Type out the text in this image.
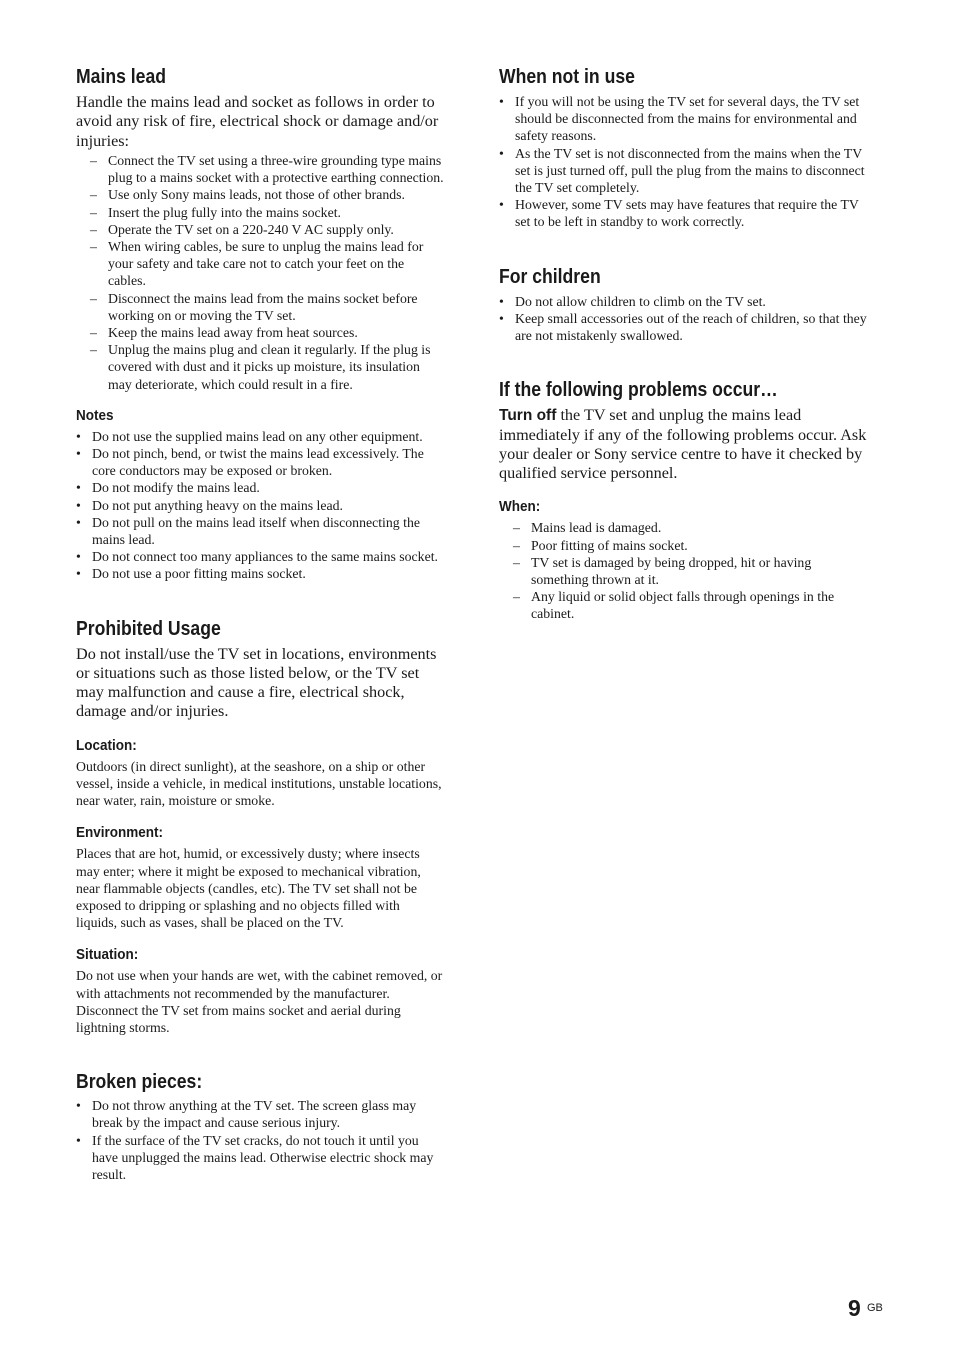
Mains lead

Handle the mains lead and socket as follows in order to avoid any risk of fire, electrical shock or damage and/or injuries:

– Connect the TV set using a three-wire grounding type mains plug to a mains socket with a protective earthing connection.
– Use only Sony mains leads, not those of other brands.
– Insert the plug fully into the mains socket.
– Operate the TV set on a 220-240 V AC supply only.
– When wiring cables, be sure to unplug the mains lead for your safety and take care not to catch your feet on the cables.
– Disconnect the mains lead from the mains socket before working on or moving the TV set.
– Keep the mains lead away from heat sources.
– Unplug the mains plug and clean it regularly. If the plug is covered with dust and it picks up moisture, its insulation may deteriorate, which could result in a fire.
Notes
• Do not use the supplied mains lead on any other equipment.
• Do not pinch, bend, or twist the mains lead excessively. The core conductors may be exposed or broken.
• Do not modify the mains lead.
• Do not put anything heavy on the mains lead.
• Do not pull on the mains lead itself when disconnecting the mains lead.
• Do not connect too many appliances to the same mains socket.
• Do not use a poor fitting mains socket.
Prohibited Usage

Do not install/use the TV set in locations, environments or situations such as those listed below, or the TV set may malfunction and cause a fire, electrical shock, damage and/or injuries.

Location:

Outdoors (in direct sunlight), at the seashore, on a ship or other vessel, inside a vehicle, in medical institutions, unstable locations, near water, rain, moisture or smoke.

Environment:

Places that are hot, humid, or excessively dusty; where insects may enter; where it might be exposed to mechanical vibration, near flammable objects (candles, etc). The TV set shall not be exposed to dripping or splashing and no objects filled with liquids, such as vases, shall be placed on the TV.

Situation:

Do not use when your hands are wet, with the cabinet removed, or with attachments not recommended by the manufacturer. Disconnect the TV set from mains socket and aerial during lightning storms.

Broken pieces:
• Do not throw anything at the TV set. The screen glass may break by the impact and cause serious injury.
• If the surface of the TV set cracks, do not touch it until you have unplugged the mains lead. Otherwise electric shock may result.
When not in use
• If you will not be using the TV set for several days, the TV set should be disconnected from the mains for environmental and safety reasons.
• As the TV set is not disconnected from the mains when the TV set is just turned off, pull the plug from the mains to disconnect the TV set completely.
• However, some TV sets may have features that require the TV set to be left in standby to work correctly.
For children
• Do not allow children to climb on the TV set.
• Keep small accessories out of the reach of children, so that they are not mistakenly swallowed.
If the following problems occur…

Turn off the TV set and unplug the mains lead immediately if any of the following problems occur. Ask your dealer or Sony service centre to have it checked by qualified service personnel.

When:
– Mains lead is damaged.
– Poor fitting of mains socket.
– TV set is damaged by being dropped, hit or having something thrown at it.
– Any liquid or solid object falls through openings in the cabinet.
9 GB
